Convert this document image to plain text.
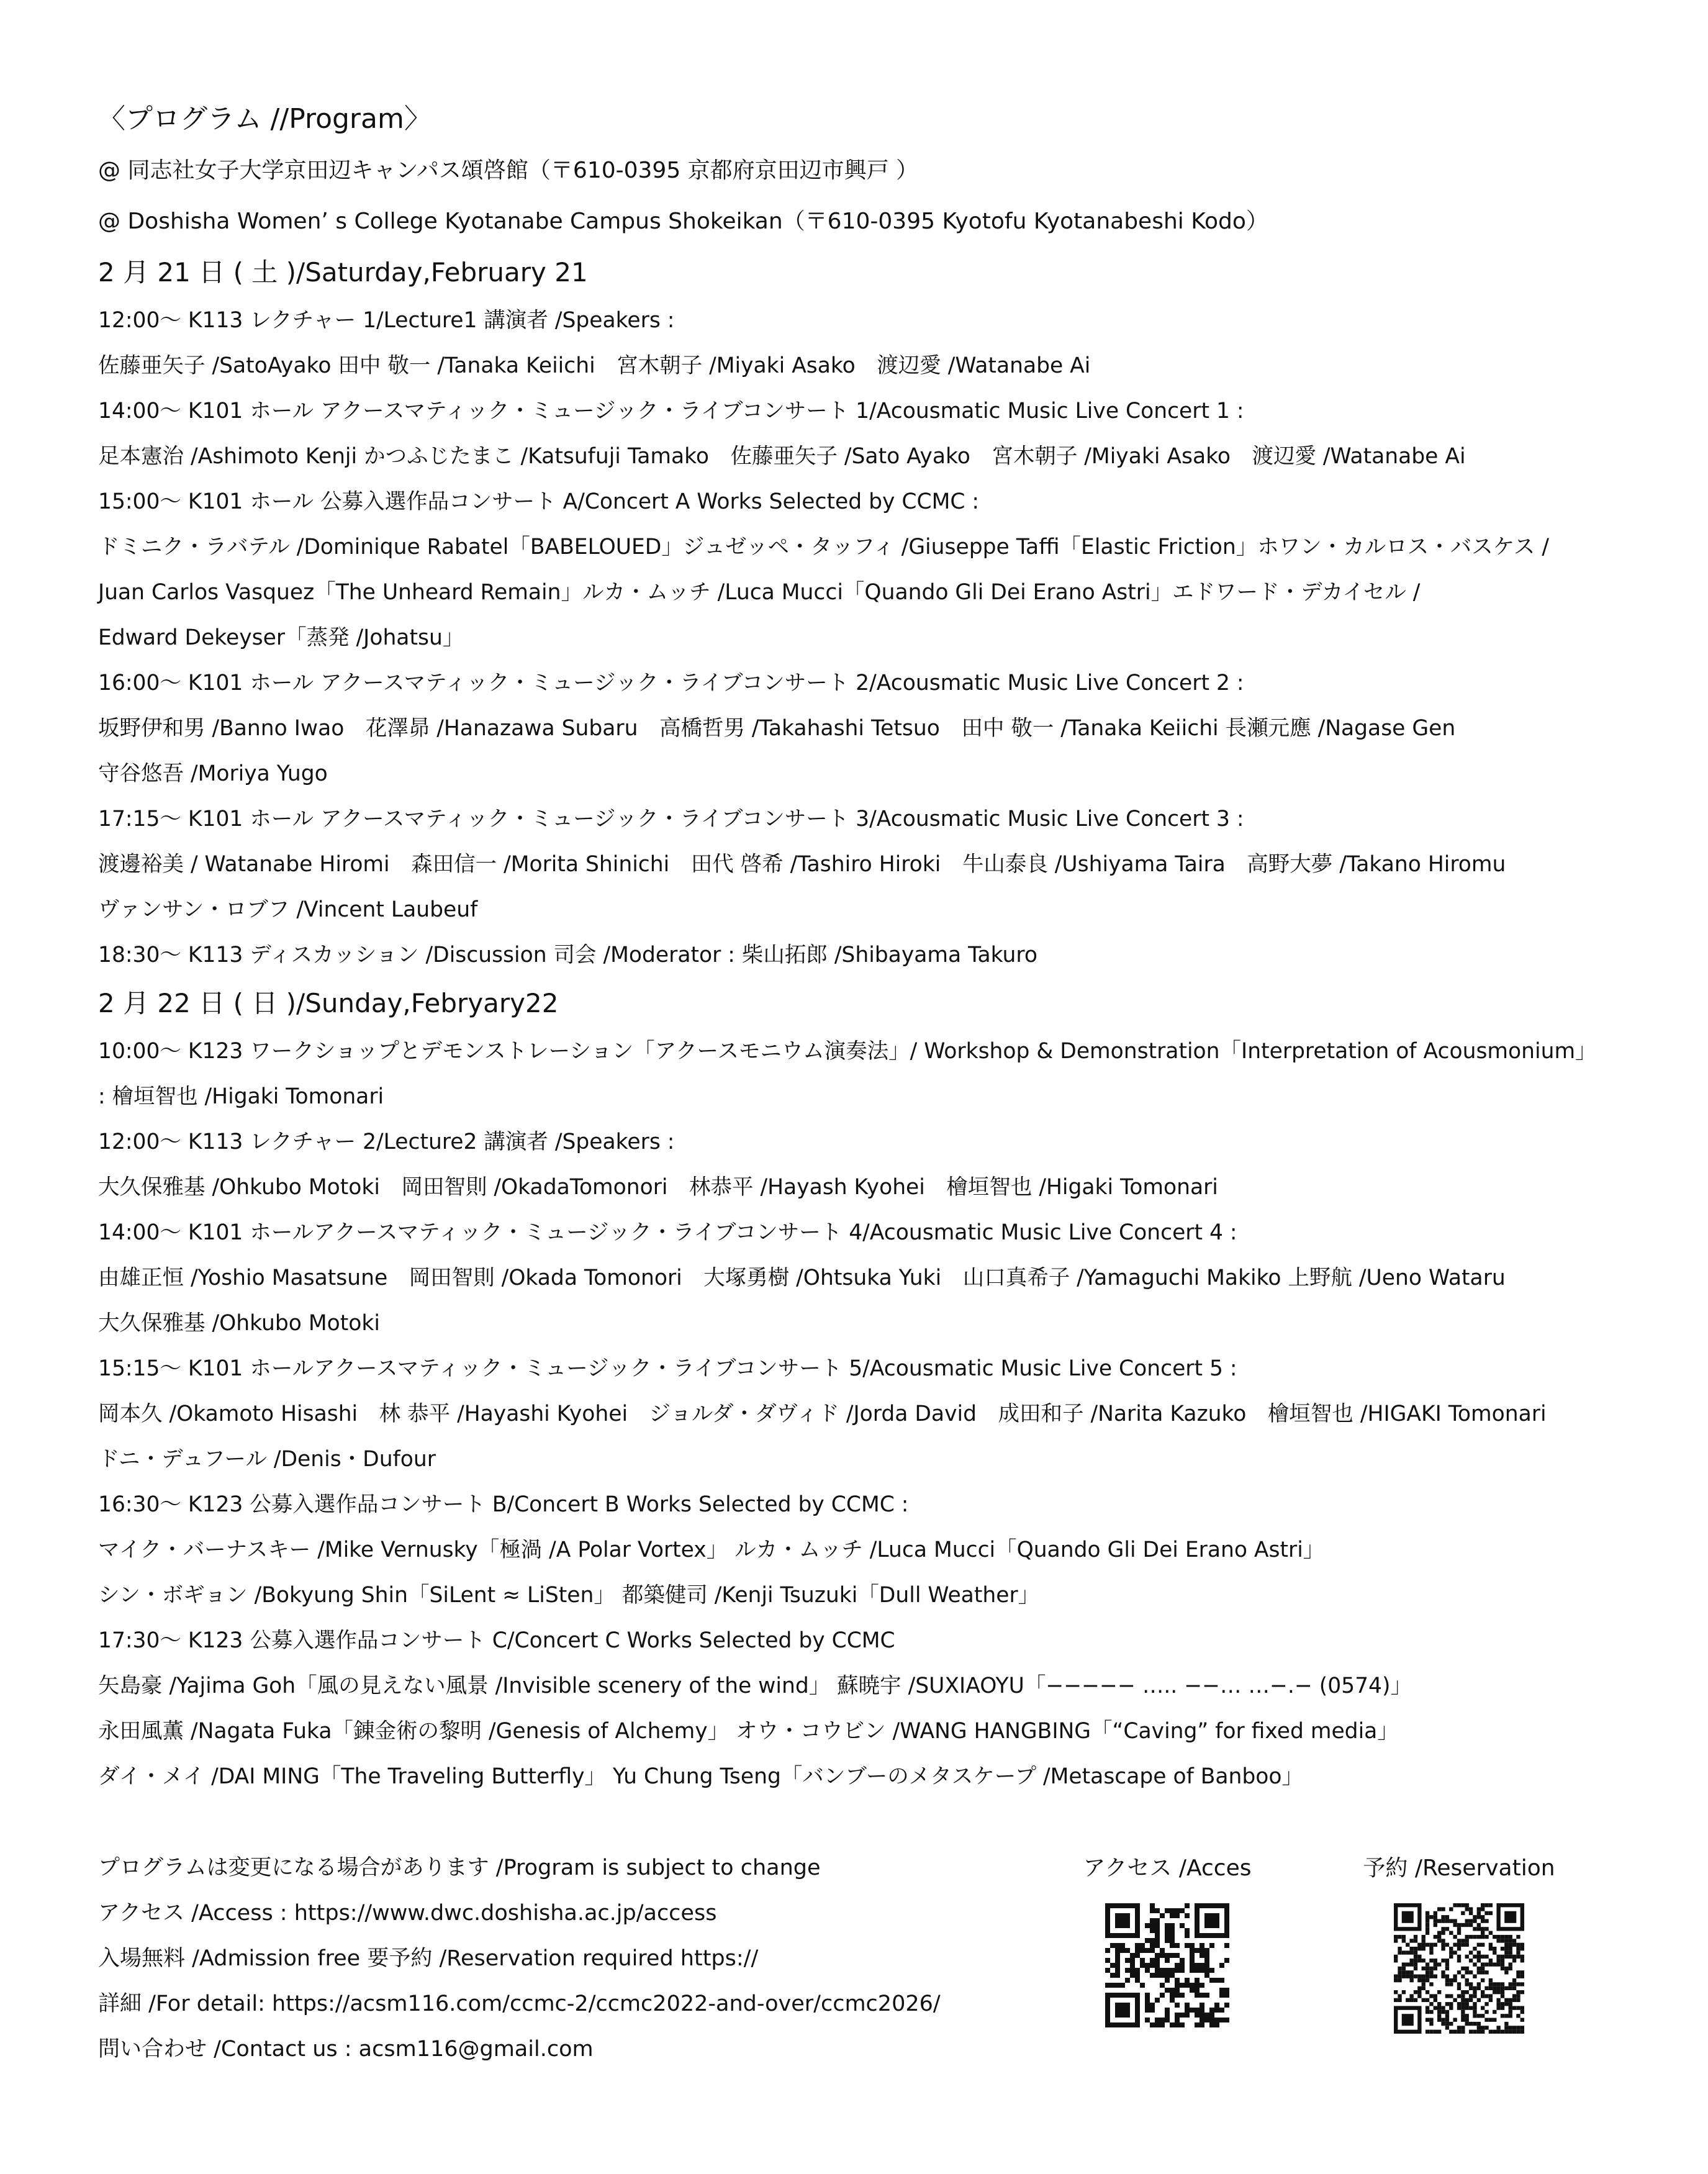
〈プログラム //Program〉
@ 同志社女子大学京田辺キャンパス頌啓館（〒610-0395 京都府京田辺市興戸 ）
@ Doshisha Women’ s College Kyotanabe Campus Shokeikan（〒610-0395 Kyotofu Kyotanabeshi Kodo）
2 月 21 日 ( 土 )/Saturday,February 21
12:00～ K113 レクチャー 1/Lecture1 講演者 /Speakers :
佐藤亜矢子 /SatoAyako 田中 敬一 /Tanaka Keiichi　宮木朝子 /Miyaki Asako　渡辺愛 /Watanabe Ai
14:00～ K101 ホール アクースマティック・ミュージック・ライブコンサート 1/Acousmatic Music Live Concert 1 :
足本憲治 /Ashimoto Kenji かつふじたまこ /Katsufuji Tamako　佐藤亜矢子 /Sato Ayako　宮木朝子 /Miyaki Asako　渡辺愛 /Watanabe Ai
15:00～ K101 ホール 公募入選作品コンサート A/Concert A Works Selected by CCMC :
ドミニク・ラバテル /Dominique Rabatel「BABELOUED」ジュゼッペ・タッフィ /Giuseppe Taffi「Elastic Friction」ホワン・カルロス・バスケス /
Juan Carlos Vasquez「The Unheard Remain」ルカ・ムッチ /Luca Mucci「Quando Gli Dei Erano Astri」エドワード・デカイセル /
Edward Dekeyser「蒸発 /Johatsu」
16:00～ K101 ホール アクースマティック・ミュージック・ライブコンサート 2/Acousmatic Music Live Concert 2 :
坂野伊和男 /Banno Iwao　花澤昴 /Hanazawa Subaru　高橋哲男 /Takahashi Tetsuo　田中 敬一 /Tanaka Keiichi 長瀬元應 /Nagase Gen
守谷悠吾 /Moriya Yugo
17:15～ K101 ホール アクースマティック・ミュージック・ライブコンサート 3/Acousmatic Music Live Concert 3 :
渡邊裕美 / Watanabe Hiromi　森田信一 /Morita Shinichi　田代 啓希 /Tashiro Hiroki　牛山泰良 /Ushiyama Taira　高野大夢 /Takano Hiromu
ヴァンサン・ロブフ /Vincent Laubeuf
18:30～ K113 ディスカッション /Discussion 司会 /Moderator : 柴山拓郎 /Shibayama Takuro
2 月 22 日 ( 日 )/Sunday,Febryary22
10:00～ K123 ワークショップとデモンストレーション「アクースモニウム演奏法」/ Workshop & Demonstration「Interpretation of Acousmonium」
: 檜垣智也 /Higaki Tomonari
12:00～ K113 レクチャー 2/Lecture2 講演者 /Speakers :
大久保雅基 /Ohkubo Motoki　岡田智則 /OkadaTomonori　林恭平 /Hayash Kyohei　檜垣智也 /Higaki Tomonari
14:00～ K101 ホールアクースマティック・ミュージック・ライブコンサート 4/Acousmatic Music Live Concert 4 :
由雄正恒 /Yoshio Masatsune　岡田智則 /Okada Tomonori　大塚勇樹 /Ohtsuka Yuki　山口真希子 /Yamaguchi Makiko 上野航 /Ueno Wataru
大久保雅基 /Ohkubo Motoki
15:15～ K101 ホールアクースマティック・ミュージック・ライブコンサート 5/Acousmatic Music Live Concert 5 :
岡本久 /Okamoto Hisashi　林 恭平 /Hayashi Kyohei　ジョルダ・ダヴィド /Jorda David　成田和子 /Narita Kazuko　檜垣智也 /HIGAKI Tomonari
ドニ・デュフール /Denis・Dufour
16:30～ K123 公募入選作品コンサート B/Concert B Works Selected by CCMC :
マイク・バーナスキー /Mike Vernusky「極渦 /A Polar Vortex」 ルカ・ムッチ /Luca Mucci「Quando Gli Dei Erano Astri」
シン・ボギョン /Bokyung Shin「SiLent ≈ LiSten」 都築健司 /Kenji Tsuzuki「Dull Weather」
17:30～ K123 公募入選作品コンサート C/Concert C Works Selected by CCMC
矢島豪 /Yajima Goh「風の見えない風景 /Invisible scenery of the wind」 蘇暁宇 /SUXIAOYU「−−−−− ….. −−… …−.− (0574)」
永田風薫 /Nagata Fuka「錬金術の黎明 /Genesis of Alchemy」 オウ・コウビン /WANG HANGBING「“Caving” for fixed media」
ダイ・メイ /DAI MING「The Traveling Butterfly」 Yu Chung Tseng「バンブーのメタスケープ /Metascape of Banboo」
プログラムは変更になる場合があります /Program is subject to change
アクセス /Access : https://www.dwc.doshisha.ac.jp/access
入場無料 /Admission free 要予約 /Reservation required https://
詳細 /For detail: https://acsm116.com/ccmc-2/ccmc2022-and-over/ccmc2026/
問い合わせ /Contact us : acsm116@gmail.com
アクセス /Acces	予約 /Reservation
